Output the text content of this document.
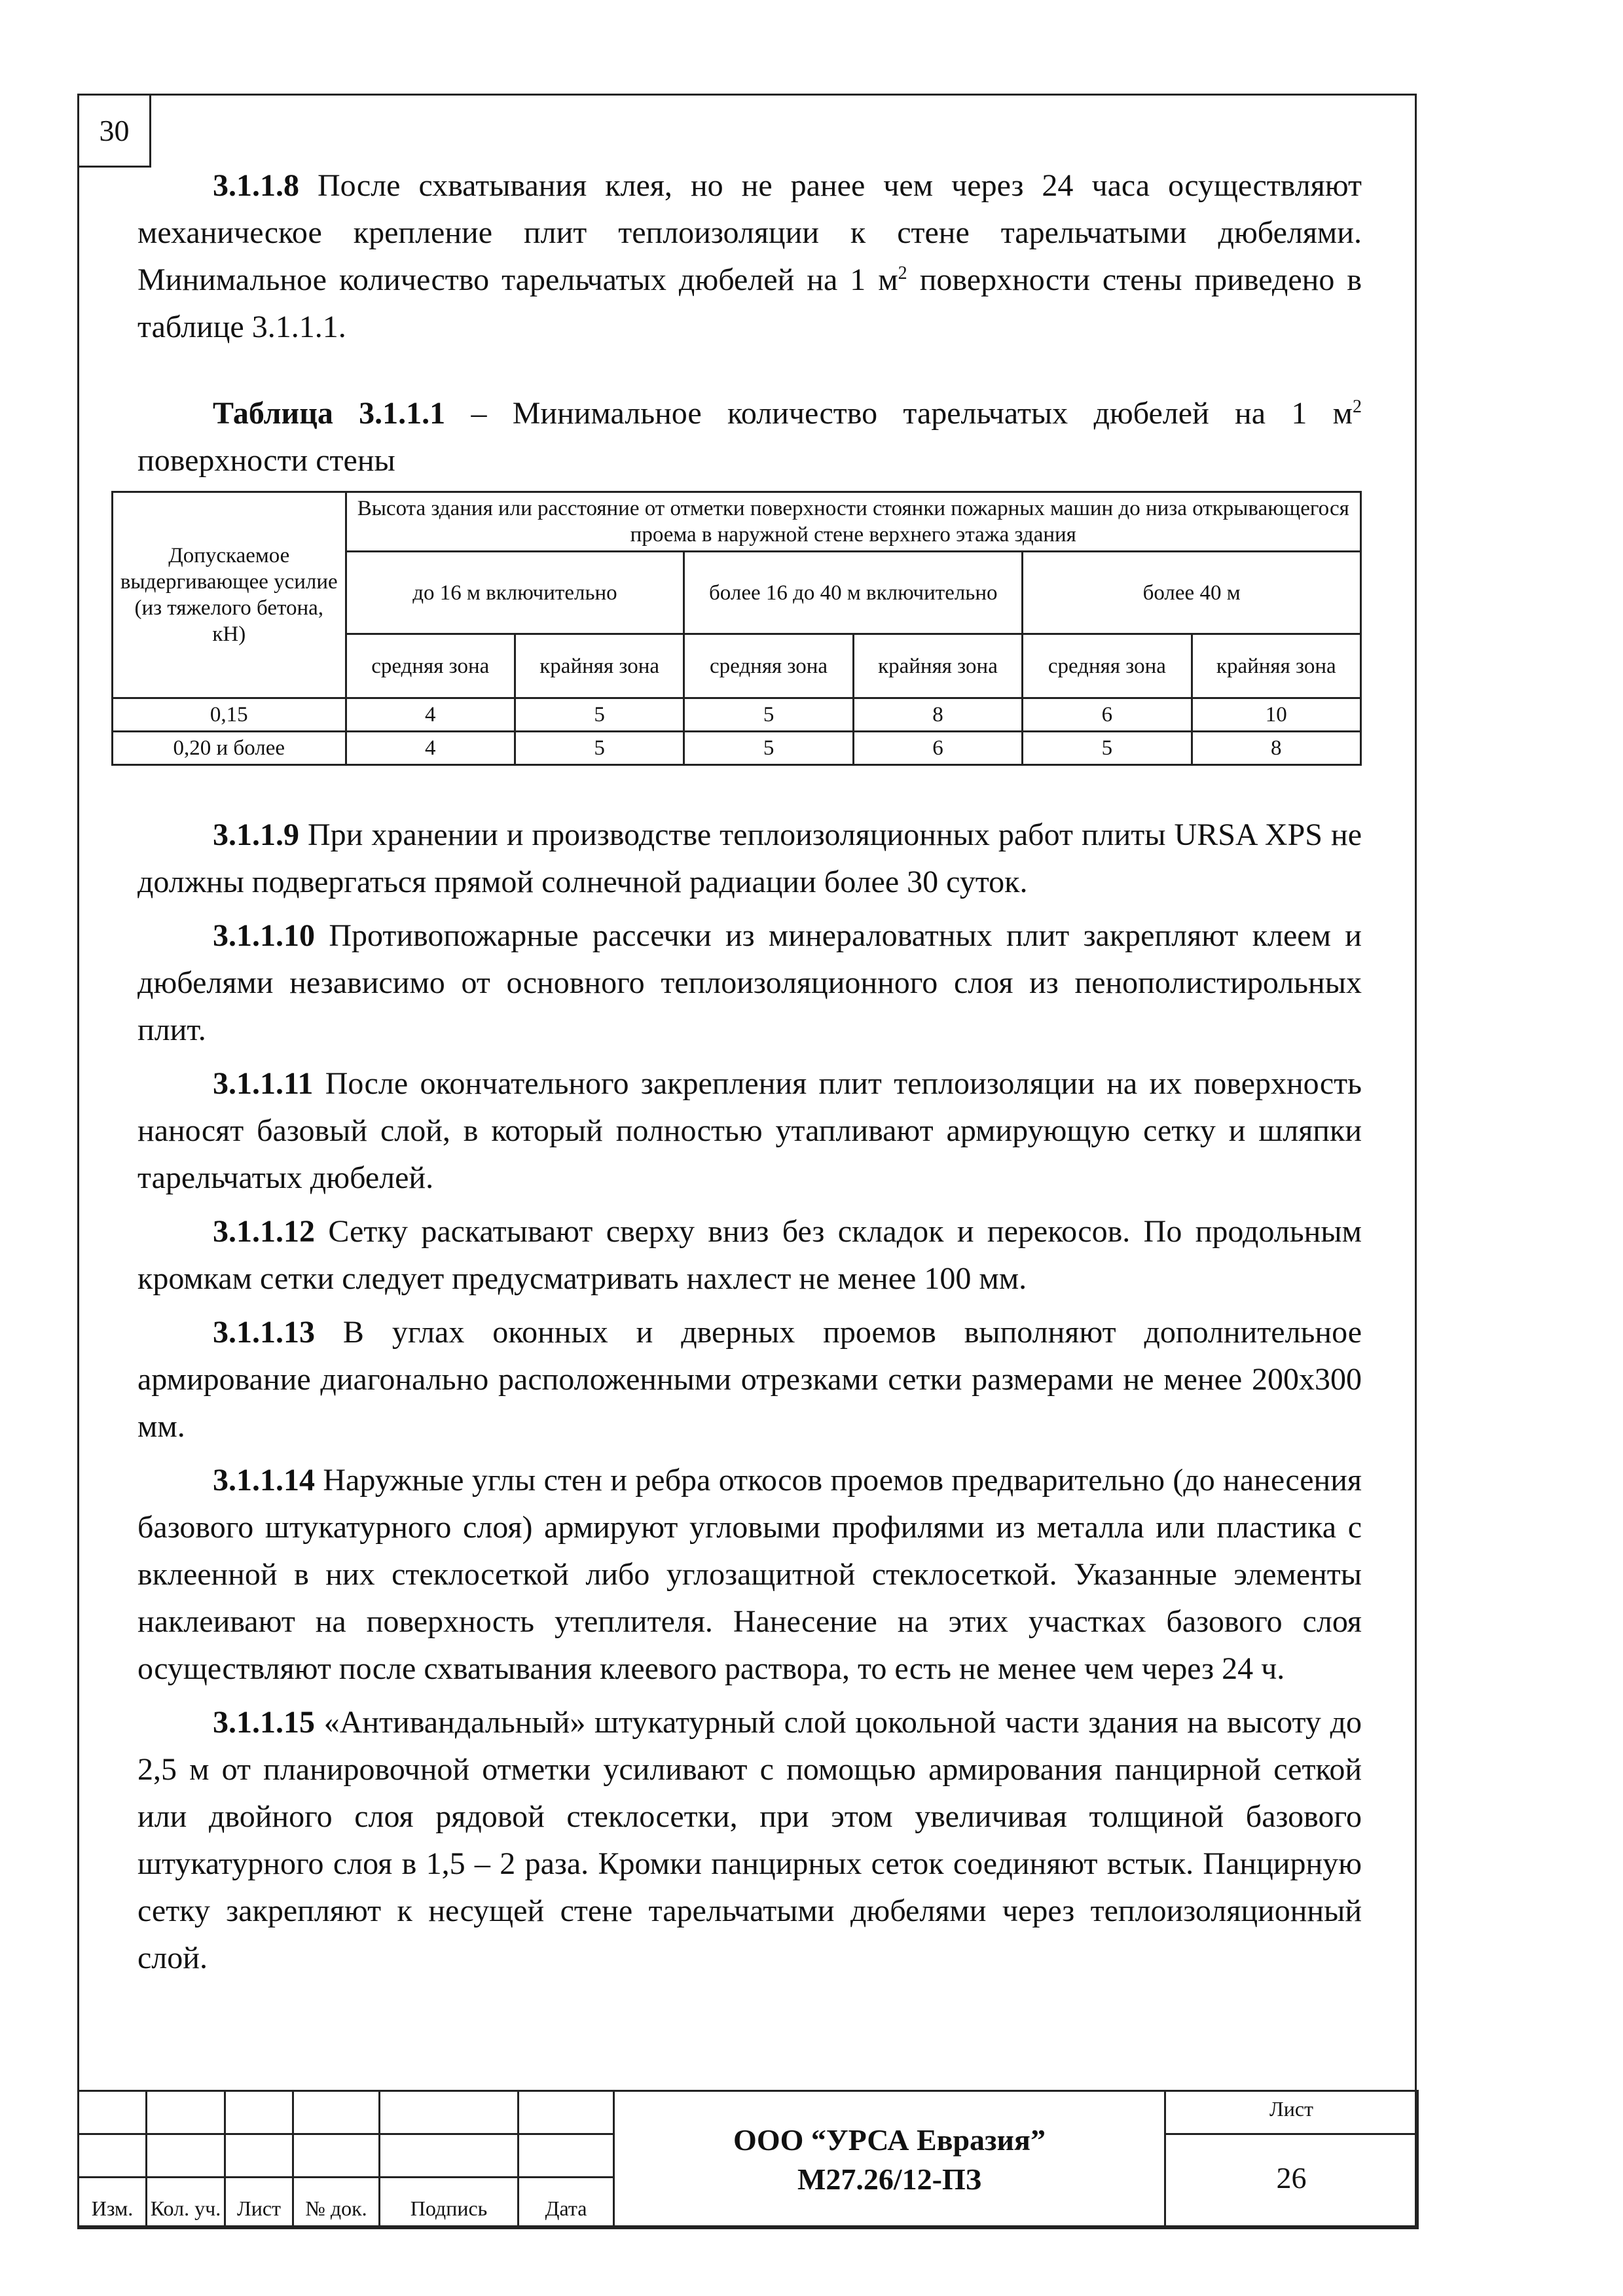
30

3.1.1.8 После схватывания клея, но не ранее чем через 24 часа осуществляют механическое крепление плит теплоизоляции к стене тарельчатыми дюбелями. Минимальное количество тарельчатых дюбелей на 1 $м^2$ поверхности стены приведено в таблице 3.1.1.1.

Таблица 3.1.1.1 – Минимальное количество тарельчатых дюбелей на 1 $м^2$ поверхности стены

Допускаемое выдергивающее усилие (из тяжелого бетона, кН)	Высота здания или расстояние от отметки поверхности стоянки пожарных машин до низа открывающегося проема в наружной стене верхнего этажа здания					
	до 16 м включительно		более 16 до 40 м включительно		более 40 м	
	средняя зона	крайняя зона	средняя зона	крайняя зона	средняя зона	крайняя зона
0,15	4	5	5	8	6	10
0,20 и более	4	5	5	6	5	8

3.1.1.9 При хранении и производстве теплоизоляционных работ плиты URSA XPS не должны подвергаться прямой солнечной радиации более 30 суток.

3.1.1.10 Противопожарные рассечки из минераловатных плит закрепляют клеем и дюбелями независимо от основного теплоизоляционного слоя из пенополистирольных плит.

3.1.1.11 После окончательного закрепления плит теплоизоляции на их поверхность наносят базовый слой, в который полностью утапливают армирующую сетку и шляпки тарельчатых дюбелей.

3.1.1.12 Сетку раскатывают сверху вниз без складок и перекосов. По продольным кромкам сетки следует предусматривать нахлест не менее 100 мм.

3.1.1.13 В углах оконных и дверных проемов выполняют дополнительное армирование диагонально расположенными отрезками сетки размерами не менее 200х300 мм.

3.1.1.14 Наружные углы стен и ребра откосов проемов предварительно (до нанесения базового штукатурного слоя) армируют угловыми профилями из металла или пластика с вклеенной в них стеклосеткой либо углозащитной стеклосеткой. Указанные элементы наклеивают на поверхность утеплителя. Нанесение на этих участках базового слоя осуществляют после схватывания клеевого раствора, то есть не менее чем через 24 ч.

3.1.1.15 «Антивандальный» штукатурный слой цокольной части здания на высоту до 2,5 м от планировочной отметки усиливают с помощью армирования панцирной сеткой или двойного слоя рядовой стеклосетки, при этом увеличивая толщиной базового штукатурного слоя в 1,5 – 2 раза. Кромки панцирных сеток соединяют встык. Панцирную сетку закрепляют к несущей стене тарельчатыми дюбелями через теплоизоляционный слой.

						ООО “УРСА Евразия”
М27.26/12-ПЗ	Лист
							26
Изм.	Кол. уч.	Лист	№ док.	Подпись	Дата		
